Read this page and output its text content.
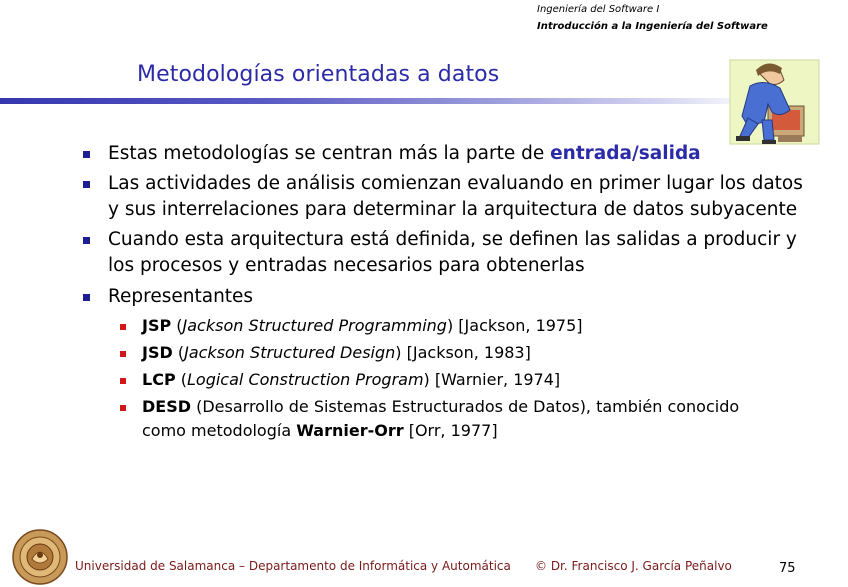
Ingeniería del Software I
Introducción a la Ingeniería del Software
Metodologías orientadas a datos
Estas metodologías se centran más la parte de entrada/salida
Las actividades de análisis comienzan evaluando en primer lugar los datos
y sus interrelaciones para determinar la arquitectura de datos subyacente
Cuando esta arquitectura está definida, se definen las salidas a producir y
los procesos y entradas necesarios para obtenerlas
Representantes
JSP (Jackson Structured Programming) [Jackson, 1975]
JSD (Jackson Structured Design) [Jackson, 1983]
LCP (Logical Construction Program) [Warnier, 1974]
DESD (Desarrollo de Sistemas Estructurados de Datos), también conocido
como metodología Warnier-Orr [Orr, 1977]
Universidad de Salamanca – Departamento de Informática y Automática © Dr. Francisco J. García Peñalvo	75
